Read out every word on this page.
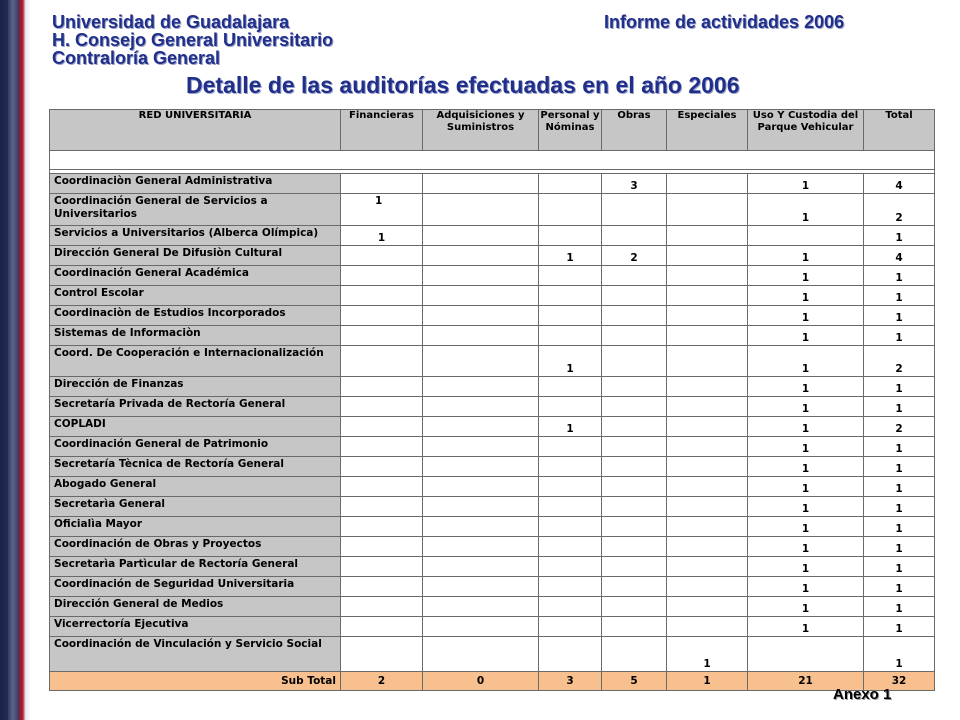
Universidad de Guadalajara
H. Consejo General Universitario
Contraloría General
Informe de actividades 2006
Detalle de las auditorías efectuadas en el año 2006
RED UNIVERSITARIA	Financieras	Adquisiciones y Suministros	Personal y Nóminas	Obras	Especiales	Uso Y Custodia del Parque Vehicular	Total

Coordinaciòn General Administrativa				3		1	4
Coordinación General de Servicios a Universitarios	1					1	2
Servicios a Universitarios (Alberca Olímpica)	1						1
Dirección General De Difusiòn Cultural			1	2		1	4
Coordinación General Académica						1	1
Control Escolar						1	1
Coordinaciòn de Estudios Incorporados						1	1
Sistemas de Informaciòn						1	1
Coord. De Cooperación e Internacionalización			1			1	2
Dirección de Finanzas						1	1
Secretaría Privada de Rectoría General						1	1
COPLADI			1			1	2
Coordinación General de Patrimonio						1	1
Secretaría Tècnica de Rectoría General						1	1
Abogado General						1	1
Secretarìa General						1	1
Oficialìa Mayor						1	1
Coordinación de Obras y Proyectos						1	1
Secretarìa Partìcular de Rectoría General						1	1
Coordinación de Seguridad Universitaria						1	1
Dirección General de Medios						1	1
Vicerrectoría Ejecutiva						1	1
Coordinación de Vinculación y Servicio Social					1		1
Sub Total	2	0	3	5	1	21	32
Anexo 1
